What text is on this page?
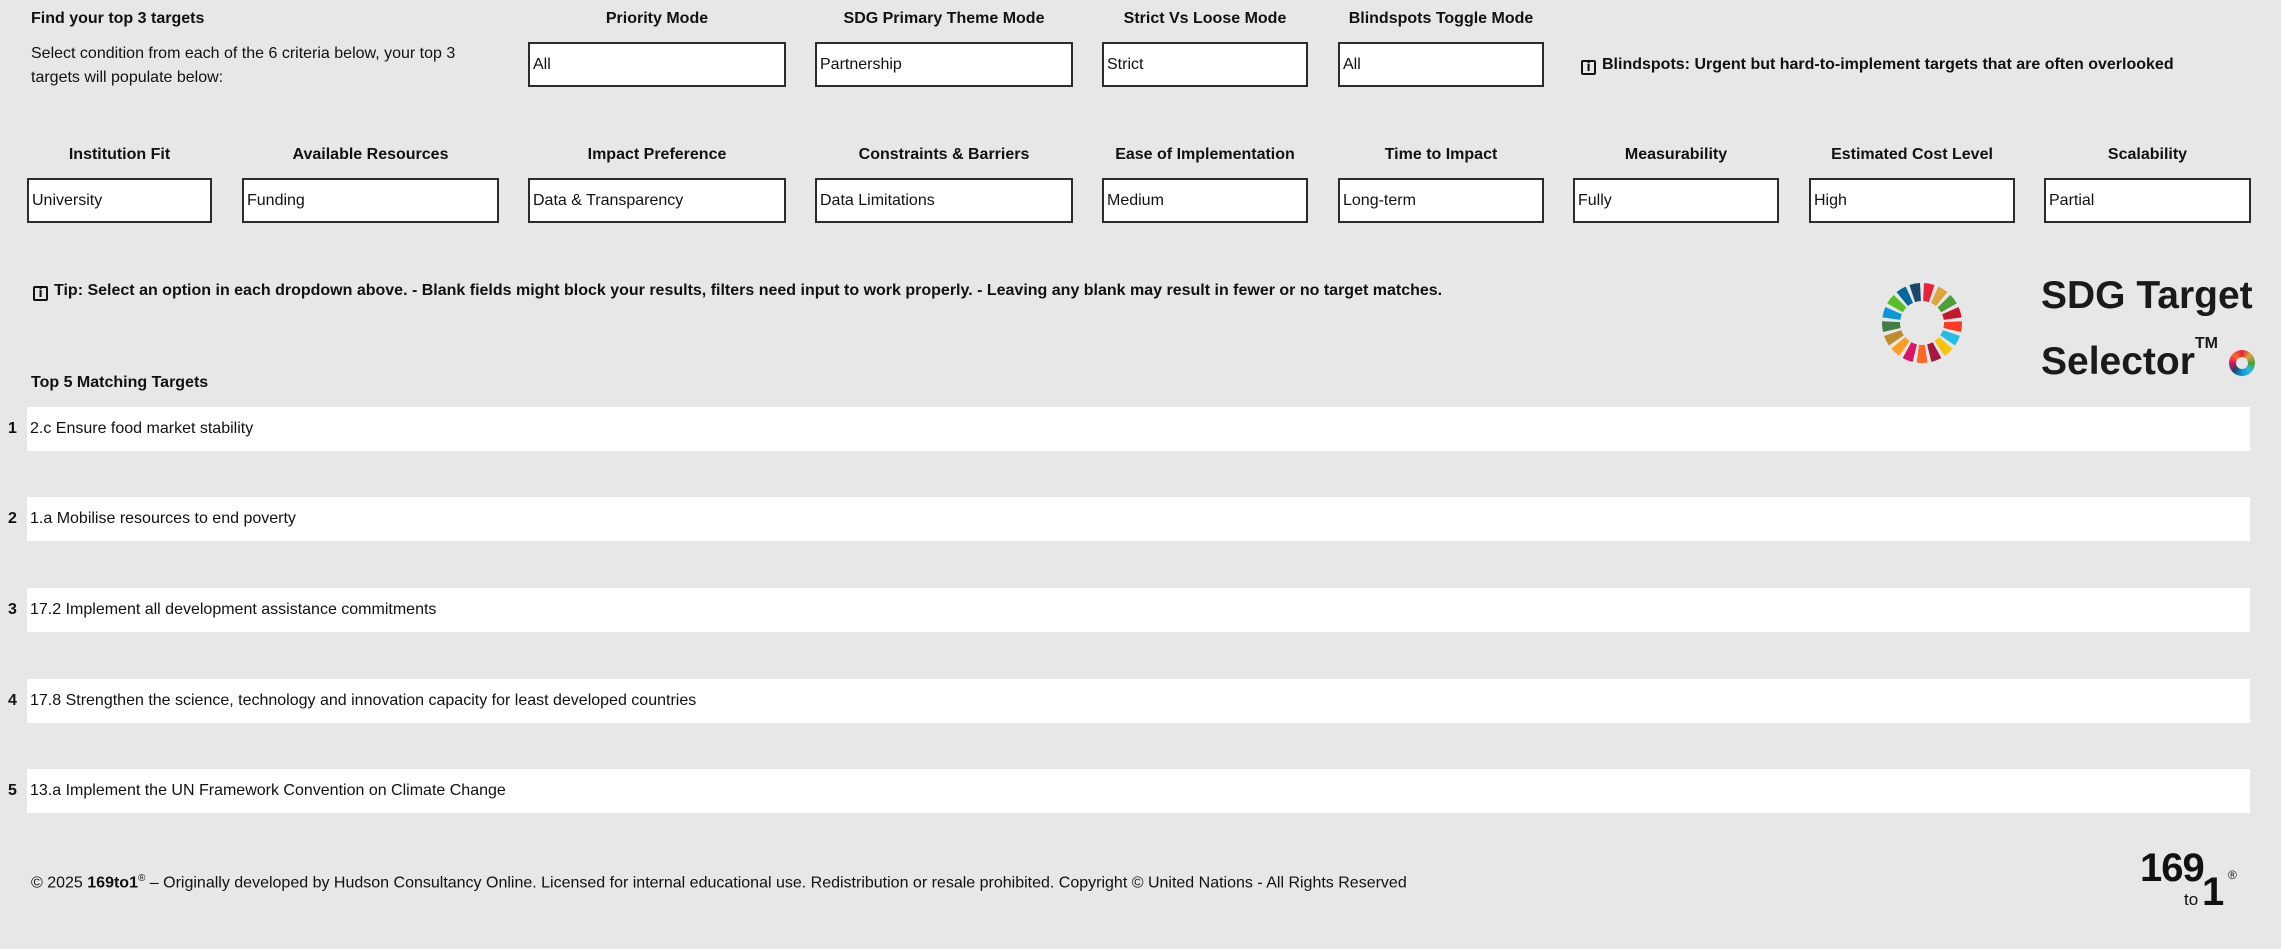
Find your top 3 targets
Select condition from each of the 6 criteria below, your top 3
targets will populate below:
Priority Mode
All
SDG Primary Theme Mode
Partnership
Strict Vs Loose Mode
Strict
Blindspots Toggle Mode
All	i Blindspots: Urgent but hard-to-implement targets that are often overlooked
Institution Fit
University
Available Resources
Funding
Impact Preference
Data & Transparency
Constraints & Barriers
Data Limitations
Ease of Implementation
Medium
Time to Impact
Long-term
Measurability
Fully
Estimated Cost Level
High
Scalability
Partial
i Tip: Select an option in each dropdown above. - Blank fields might block your results, filters need input to work properly. - Leaving any blank may result in fewer or no target matches.	SDG Target
Selector™
Top 5 Matching Targets
1 2.c Ensure food market stability
2 1.a Mobilise resources to end poverty
3 17.2 Implement all development assistance commitments
4 17.8 Strengthen the science, technology and innovation capacity for least developed countries
5 13.a Implement the UN Framework Convention on Climate Change
© 2025 169to1® – Originally developed by Hudson Consultancy Online. Licensed for internal educational use. Redistribution or resale prohibited. Copyright © United Nations - All Rights Reserved	169
to 1 ®
